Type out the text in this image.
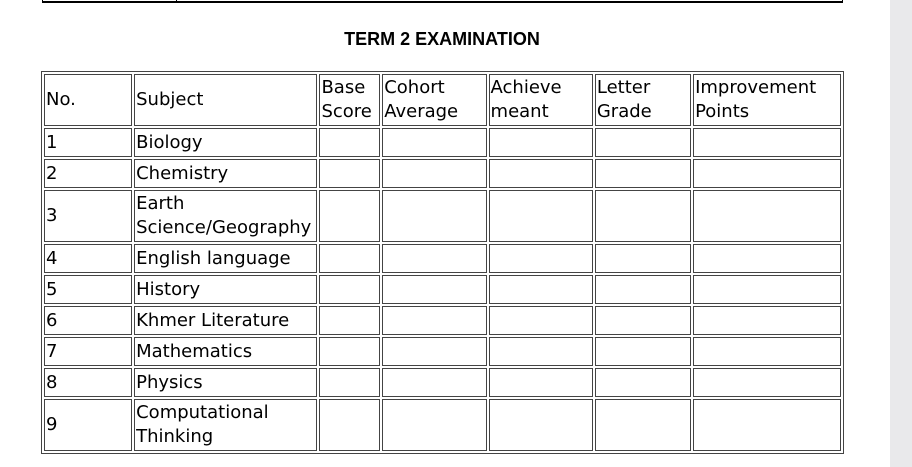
TERM 2 EXAMINATION
No.	Subject	Base Score	Cohort Average	Achieve meant	Letter Grade	Improvement Points
1	Biology					
2	Chemistry					
3	Earth Science/Geography					
4	English language					
5	History					
6	Khmer Literature					
7	Mathematics					
8	Physics					
9	Computational Thinking					
